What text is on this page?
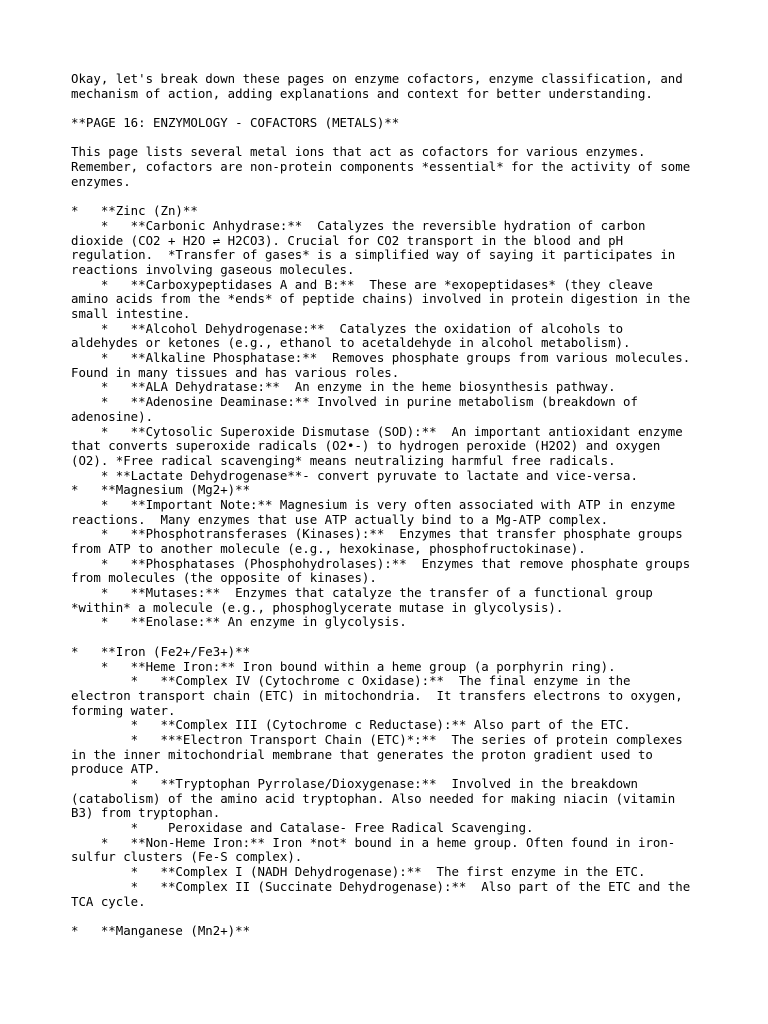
Okay, let's break down these pages on enzyme cofactors, enzyme classification, and
mechanism of action, adding explanations and context for better understanding.
**PAGE 16: ENZYMOLOGY - COFACTORS (METALS)**
This page lists several metal ions that act as cofactors for various enzymes.
Remember, cofactors are non-protein components *essential* for the activity of some
enzymes.
*   **Zinc (Zn)**
*   **Carbonic Anhydrase:**  Catalyzes the reversible hydration of carbon
dioxide (CO2 + H2O ⇌ H2CO3). Crucial for CO2 transport in the blood and pH
regulation.  *Transfer of gases* is a simplified way of saying it participates in
reactions involving gaseous molecules.
*   **Carboxypeptidases A and B:**  These are *exopeptidases* (they cleave
amino acids from the *ends* of peptide chains) involved in protein digestion in the
small intestine.
*   **Alcohol Dehydrogenase:**  Catalyzes the oxidation of alcohols to
aldehydes or ketones (e.g., ethanol to acetaldehyde in alcohol metabolism).
*   **Alkaline Phosphatase:**  Removes phosphate groups from various molecules.
Found in many tissues and has various roles.
*   **ALA Dehydratase:**  An enzyme in the heme biosynthesis pathway.
*   **Adenosine Deaminase:** Involved in purine metabolism (breakdown of
adenosine).
*   **Cytosolic Superoxide Dismutase (SOD):**  An important antioxidant enzyme
that converts superoxide radicals (O2•-) to hydrogen peroxide (H2O2) and oxygen
(O2). *Free radical scavenging* means neutralizing harmful free radicals.
* **Lactate Dehydrogenase**- convert pyruvate to lactate and vice-versa.
*   **Magnesium (Mg2+)**
*   **Important Note:** Magnesium is very often associated with ATP in enzyme
reactions.  Many enzymes that use ATP actually bind to a Mg-ATP complex.
*   **Phosphotransferases (Kinases):**  Enzymes that transfer phosphate groups
from ATP to another molecule (e.g., hexokinase, phosphofructokinase).
*   **Phosphatases (Phosphohydrolases):**  Enzymes that remove phosphate groups
from molecules (the opposite of kinases).
*   **Mutases:**  Enzymes that catalyze the transfer of a functional group
*within* a molecule (e.g., phosphoglycerate mutase in glycolysis).
*   **Enolase:** An enzyme in glycolysis.
*   **Iron (Fe2+/Fe3+)**
*   **Heme Iron:** Iron bound within a heme group (a porphyrin ring).
*   **Complex IV (Cytochrome c Oxidase):**  The final enzyme in the
electron transport chain (ETC) in mitochondria.  It transfers electrons to oxygen,
forming water.
*   **Complex III (Cytochrome c Reductase):** Also part of the ETC.
*   ***Electron Transport Chain (ETC)*:**  The series of protein complexes
in the inner mitochondrial membrane that generates the proton gradient used to
produce ATP.
*   **Tryptophan Pyrrolase/Dioxygenase:**  Involved in the breakdown
(catabolism) of the amino acid tryptophan. Also needed for making niacin (vitamin
B3) from tryptophan.
*    Peroxidase and Catalase- Free Radical Scavenging.
*   **Non-Heme Iron:** Iron *not* bound in a heme group. Often found in iron-
sulfur clusters (Fe-S complex).
*   **Complex I (NADH Dehydrogenase):**  The first enzyme in the ETC.
*   **Complex II (Succinate Dehydrogenase):**  Also part of the ETC and the
TCA cycle.
*   **Manganese (Mn2+)**
